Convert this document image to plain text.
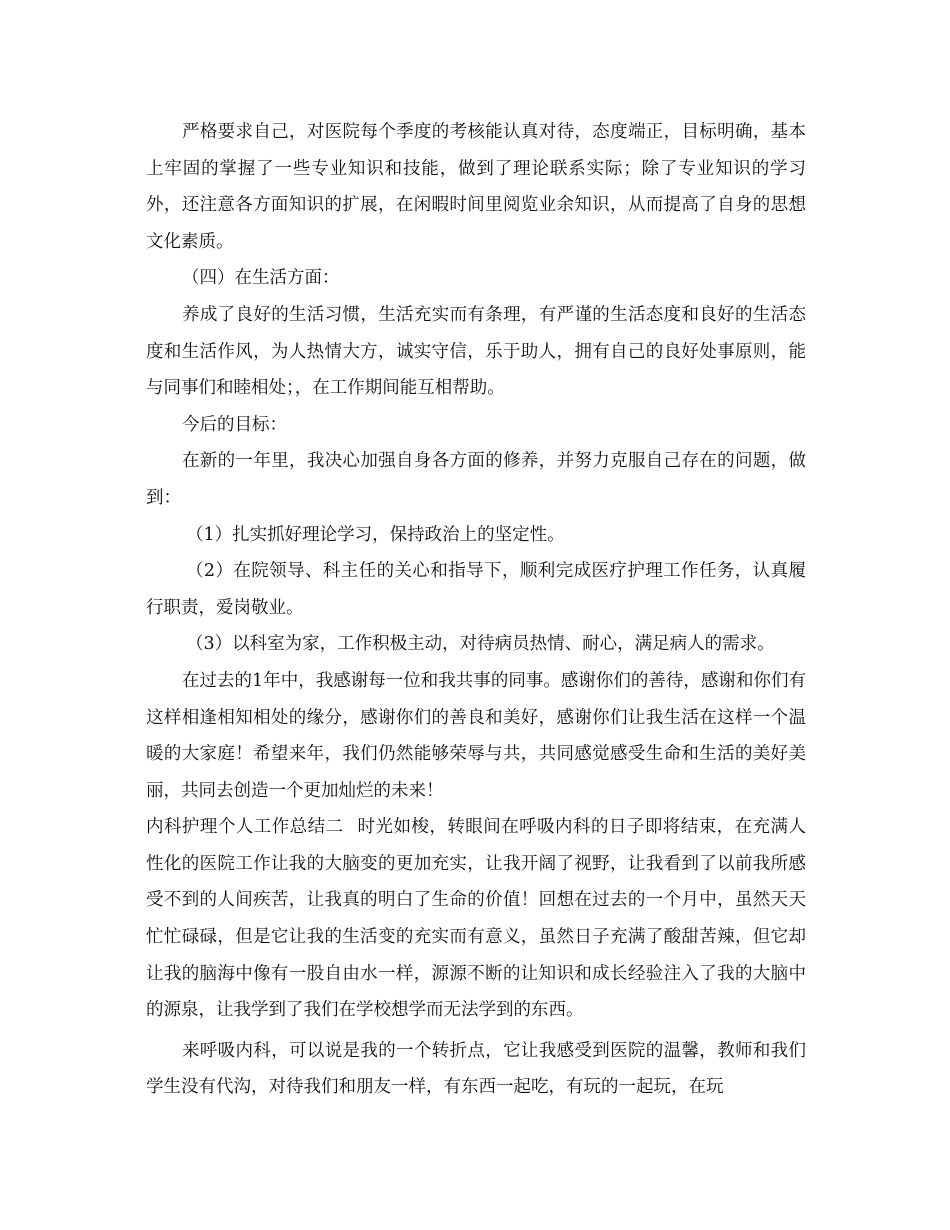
严格要求自己，对医院每个季度的考核能认真对待，态度端正，目标明确，基本上牢固的掌握了一些专业知识和技能，做到了理论联系实际；除了专业知识的学习外，还注意各方面知识的扩展，在闲暇时间里阅览业余知识，从而提高了自身的思想文化素质。

（四）在生活方面：

养成了良好的生活习惯，生活充实而有条理，有严谨的生活态度和良好的生活态度和生活作风，为人热情大方，诚实守信，乐于助人，拥有自己的良好处事原则，能与同事们和睦相处；，在工作期间能互相帮助。

今后的目标：

在新的一年里，我决心加强自身各方面的修养，并努力克服自己存在的问题，做到：

（1）扎实抓好理论学习，保持政治上的坚定性。

（2）在院领导、科主任的关心和指导下，顺利完成医疗护理工作任务，认真履行职责，爱岗敬业。

（3）以科室为家，工作积极主动，对待病员热情、耐心，满足病人的需求。

在过去的1年中，我感谢每一位和我共事的同事。感谢你们的善待，感谢和你们有这样相逢相知相处的缘分，感谢你们的善良和美好，感谢你们让我生活在这样一个温暖的大家庭！希望来年，我们仍然能够荣辱与共，共同感觉感受生命和生活的美好美丽，共同去创造一个更加灿烂的未来！

内科护理个人工作总结二 时光如梭，转眼间在呼吸内科的日子即将结束，在充满人性化的医院工作让我的大脑变的更加充实，让我开阔了视野，让我看到了以前我所感受不到的人间疾苦，让我真的明白了生命的价值！回想在过去的一个月中，虽然天天忙忙碌碌，但是它让我的生活变的充实而有意义，虽然日子充满了酸甜苦辣，但它却让我的脑海中像有一股自由水一样，源源不断的让知识和成长经验注入了我的大脑中的源泉，让我学到了我们在学校想学而无法学到的东西。

来呼吸内科，可以说是我的一个转折点，它让我感受到医院的温馨，教师和我们学生没有代沟，对待我们和朋友一样，有东西一起吃，有玩的一起玩，在玩
